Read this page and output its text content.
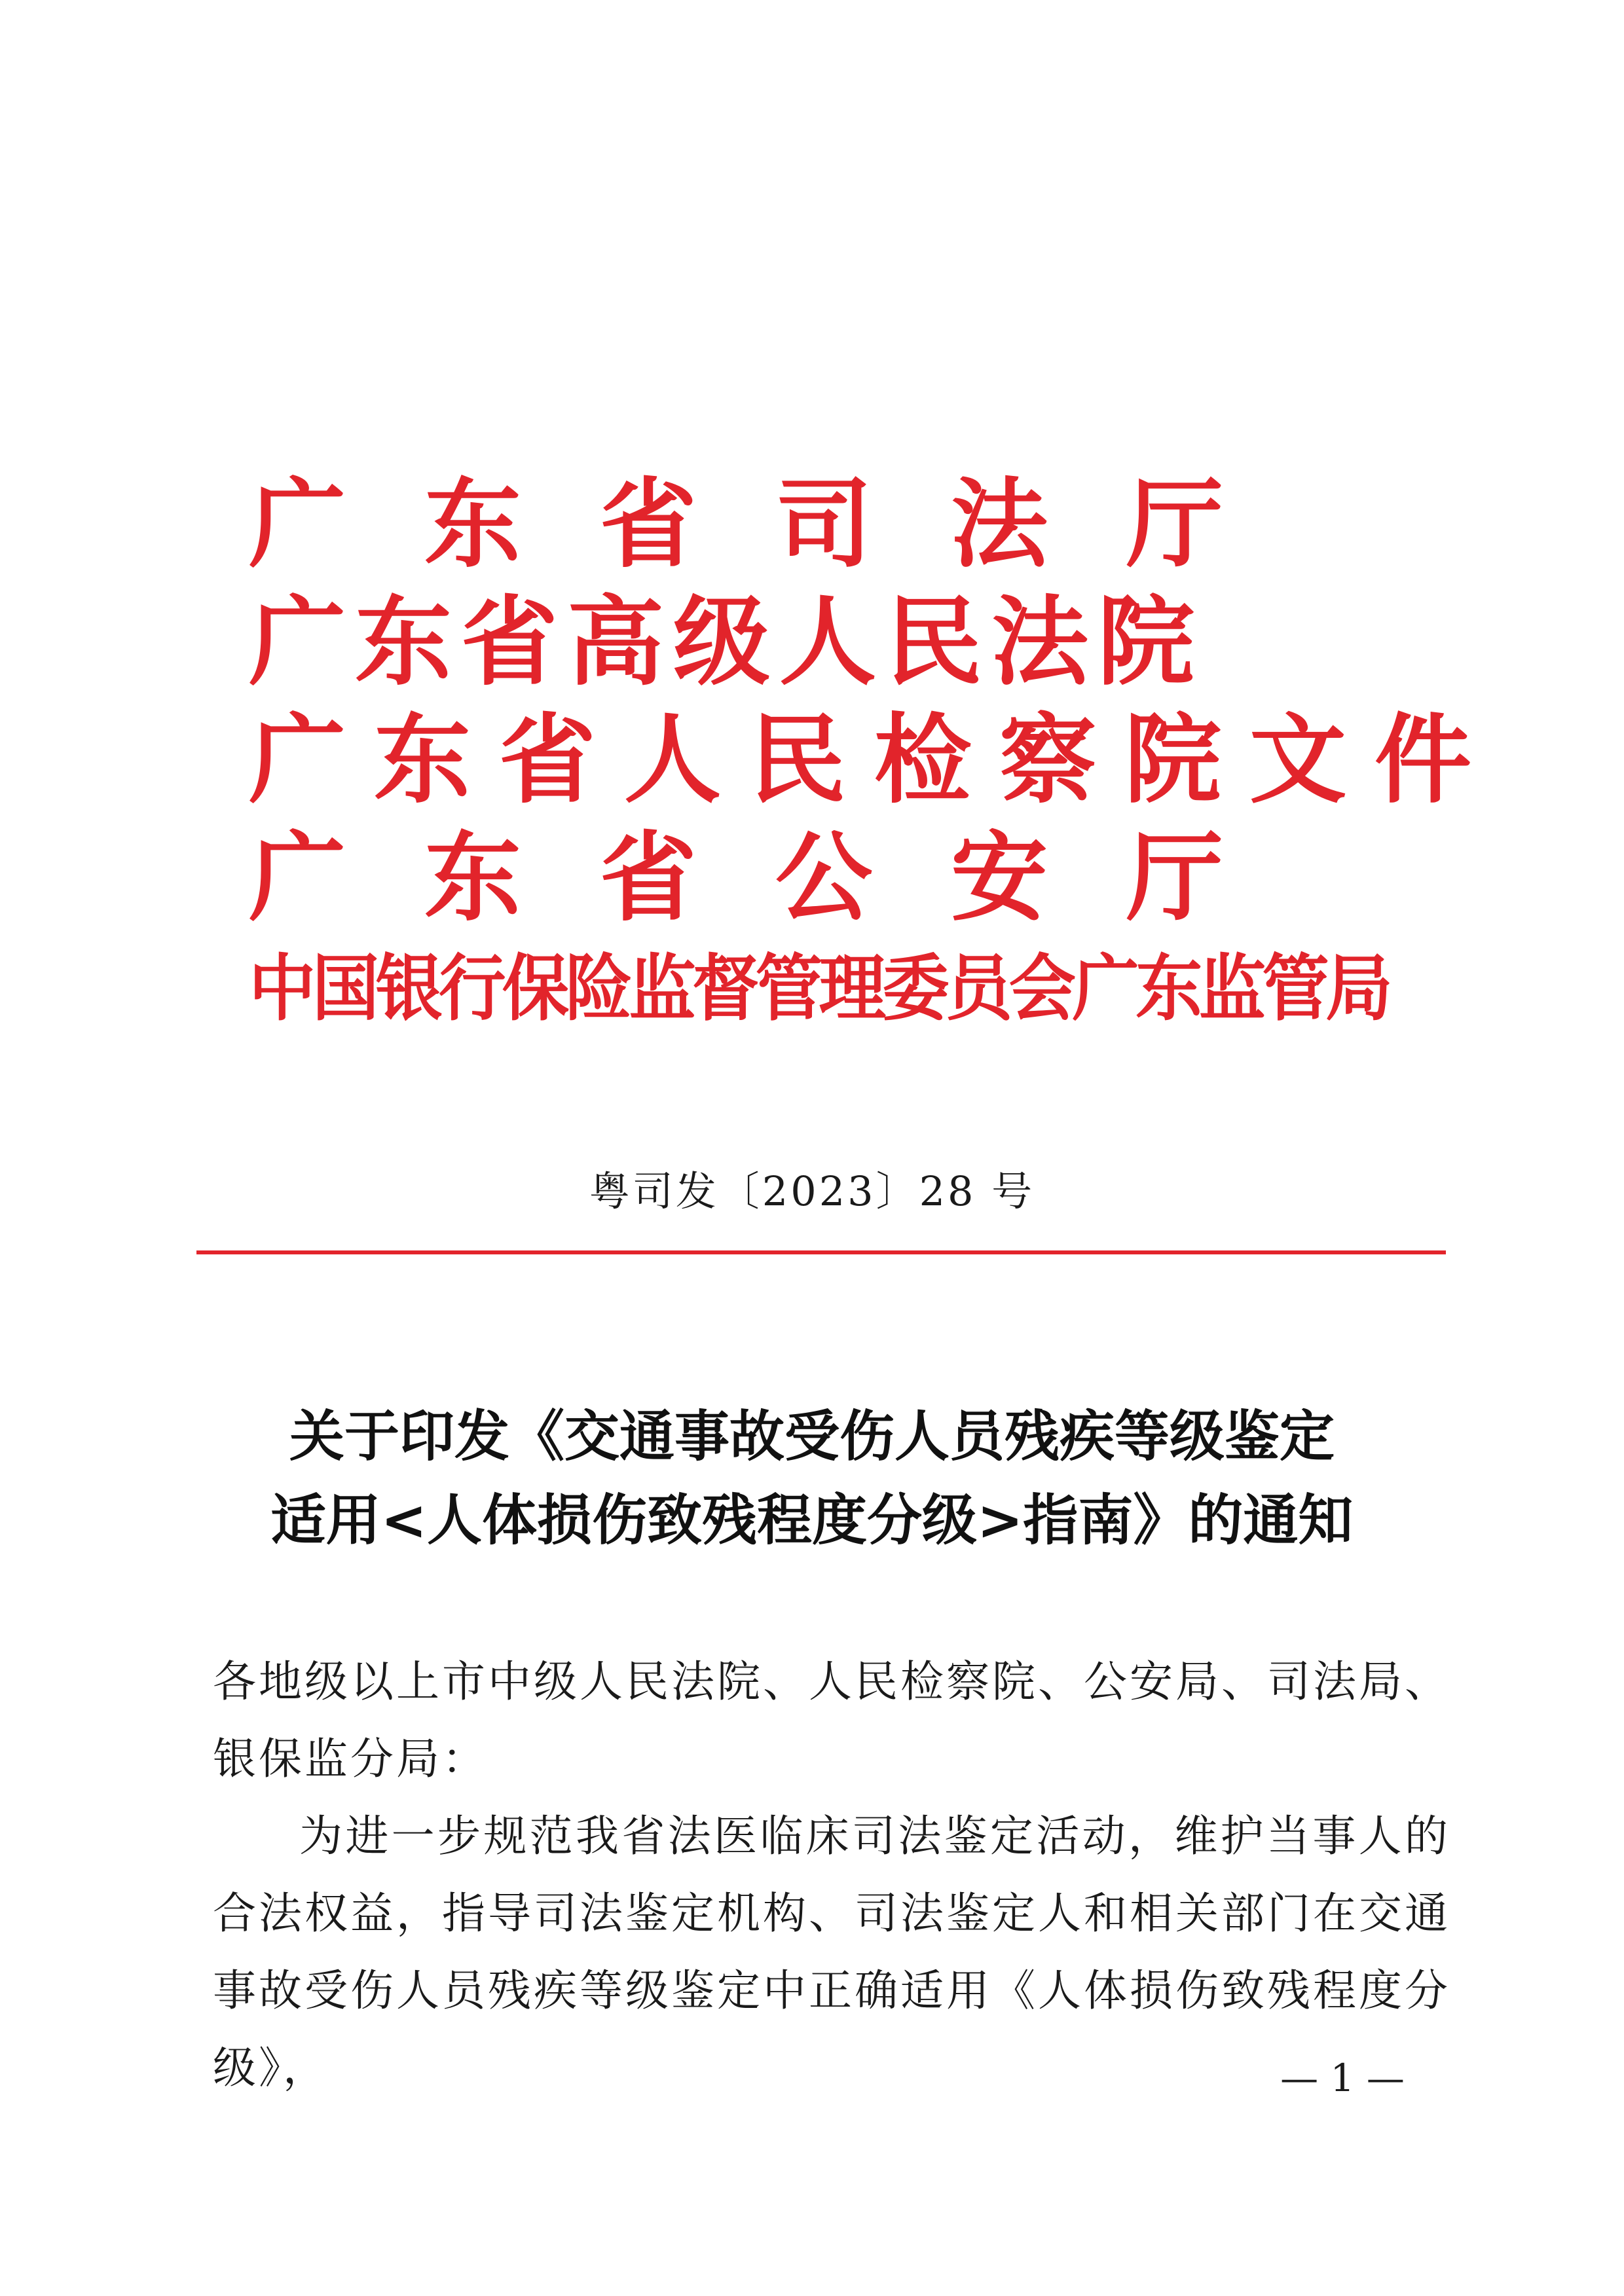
广东省司法厅
广东省高级人民法院
广东省人民检察院文件
广东省公安厅
中国银行保险监督管理委员会广东监管局
粤司发〔2023〕28 号
关于印发《交通事故受伤人员残疾等级鉴定
适用<人体损伤致残程度分级>指南》的通知

各地级以上市中级人民法院、人民检察院、公安局、司法局、银保监分局：

为进一步规范我省法医临床司法鉴定活动，维护当事人的合法权益，指导司法鉴定机构、司法鉴定人和相关部门在交通事故受伤人员残疾等级鉴定中正确适用《人体损伤致残程度分级》，	— 1 —
